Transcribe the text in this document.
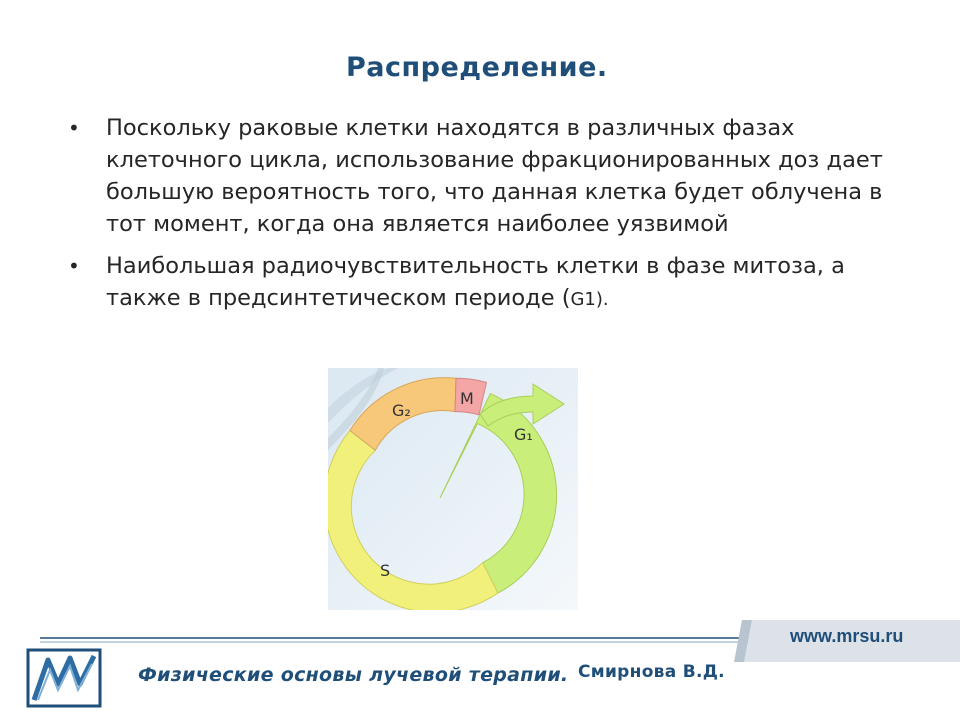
Распределение.
• Поскольку раковые клетки находятся в различных фазах клеточного цикла, использование фракционированных доз дает большую вероятность того, что данная клетка будет облучена в тот момент, когда она является наиболее уязвимой
• Наибольшая радиочувствительность клетки в фазе митоза, а также в предсинтетическом периоде (G1).
M
G₁
S
G₂
www.mrsu.ru
Физические основы лучевой терапии. Смирнова В.Д.
